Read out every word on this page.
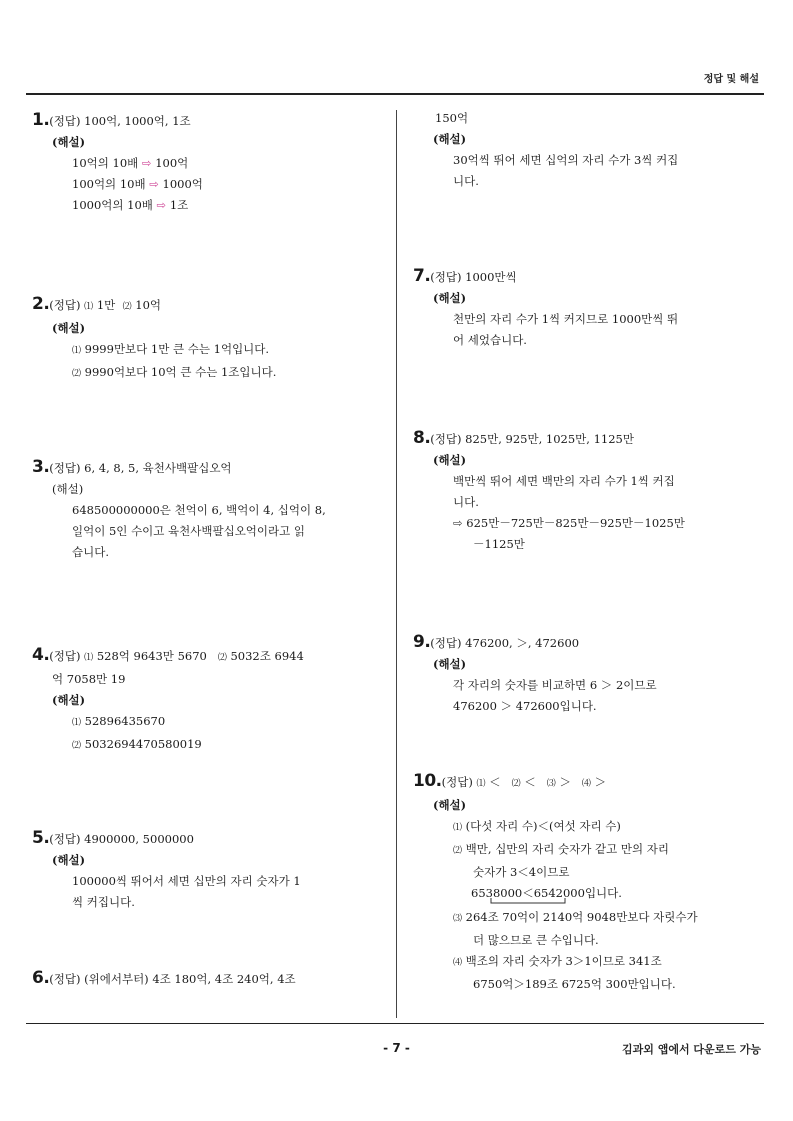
정답 및 해설
1.(정답) 100억, 1000억, 1조
(해설)
10억의 10배 ⇨ 100억
100억의 10배 ⇨ 1000억
1000억의 10배 ⇨ 1조
2.(정답) ⑴ 1만 ⑵ 10억
(해설)
⑴ 9999만보다 1만 큰 수는 1억입니다.
⑵ 9990억보다 10억 큰 수는 1조입니다.
3.(정답) 6, 4, 8, 5, 육천사백팔십오억
(해설)
648500000000은 천억이 6, 백억이 4, 십억이 8,
일억이 5인 수이고 육천사백팔십오억이라고 읽
습니다.
4.(정답) ⑴ 528억 9643만 5670 ⑵ 5032조 6944
억 7058만 19
(해설)
⑴ 52896435670
⑵ 5032694470580019
5.(정답) 4900000, 5000000
(해설)
100000씩 뛰어서 세면 십만의 자리 숫자가 1
씩 커집니다.
6.(정답) (위에서부터) 4조 180억, 4조 240억, 4조
150억
(해설)
30억씩 뛰어 세면 십억의 자리 수가 3씩 커집
니다.
7.(정답) 1000만씩
(해설)
천만의 자리 수가 1씩 커지므로 1000만씩 뛰
어 세었습니다.
8.(정답) 825만, 925만, 1025만, 1125만
(해설)
백만씩 뛰어 세면 백만의 자리 수가 1씩 커집
니다.
⇨ 625만－725만－825만－925만－1025만
－1125만
9.(정답) 476200, ＞, 472600
(해설)
각 자리의 숫자를 비교하면 6 ＞ 2이므로
476200 ＞ 472600입니다.
10.(정답) ⑴ ＜ ⑵ ＜ ⑶ ＞ ⑷ ＞
(해설)
⑴ (다섯 자리 수)＜(여섯 자리 수)
⑵ 백만, 십만의 자리 숫자가 같고 만의 자리
숫자가 3＜4이므로
6538000＜6542000입니다.
⑶ 264조 70억이 2140억 9048만보다 자릿수가
더 많으므로 큰 수입니다.
⑷ 백조의 자리 숫자가 3＞1이므로 341조
6750억＞189조 6725억 300만입니다.
- 7 -	김과외 앱에서 다운로드 가능
